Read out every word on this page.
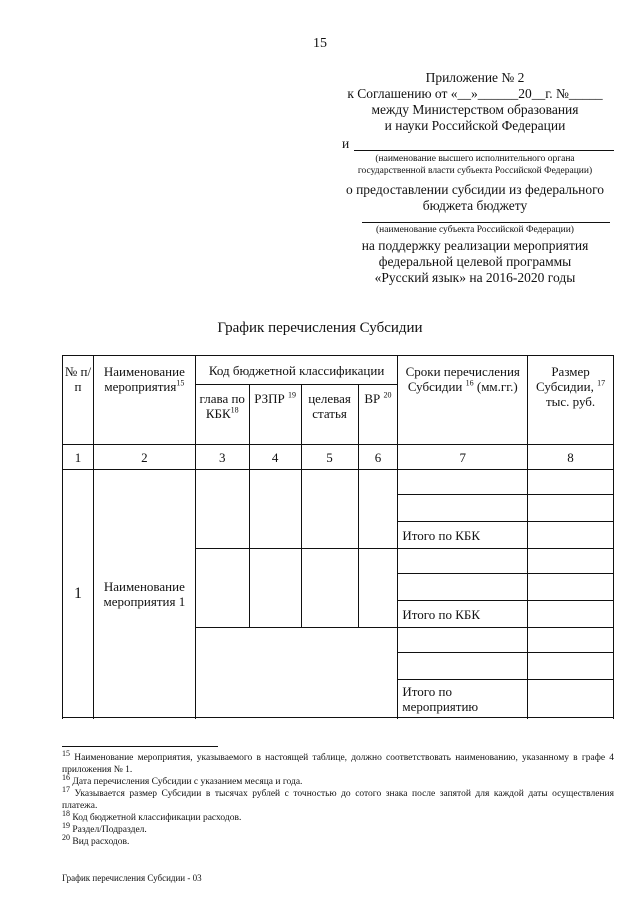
15
Приложение № 2
к Соглашению от «__»______20__г. №_____
между Министерством образования
и науки Российской Федерации
и
(наименование высшего исполнительного органа
государственной власти субъекта Российской Федерации)
о предоставлении субсидии из федерального
бюджета бюджету
(наименование субъекта Российской Федерации)
на поддержку реализации мероприятия
федеральной целевой программы
«Русский язык» на 2016-2020 годы
График перечисления Субсидии
№ п/п	Наименование мероприятия$^{15}$	Код бюджетной классификации				Сроки перечисления Субсидии $^{16}$ (мм.гг.)	Размер Субсидии, $^{17}$ тыс. руб.
		глава по КБК$^{18}$	РЗПР $^{19}$	целевая статья	ВР $^{20}$
1	2	3	4	5	6	7	8
1	Наименование мероприятия 1						

						Итого по КБК	

						Итого по КБК	

						Итого по мероприятию	

$^{15}$ Наименование мероприятия, указываемого в настоящей таблице, должно соответствовать наименованию, указанному в графе 4 приложения № 1.

$^{16}$ Дата перечисления Субсидии с указанием месяца и года.

$^{17}$ Указывается размер Субсидии в тысячах рублей с точностью до сотого знака после запятой для каждой даты осуществления платежа.

$^{18}$ Код бюджетной классификации расходов.

$^{19}$ Раздел/Подраздел.

$^{20}$ Вид расходов.

График перечисления Субсидии - 03
